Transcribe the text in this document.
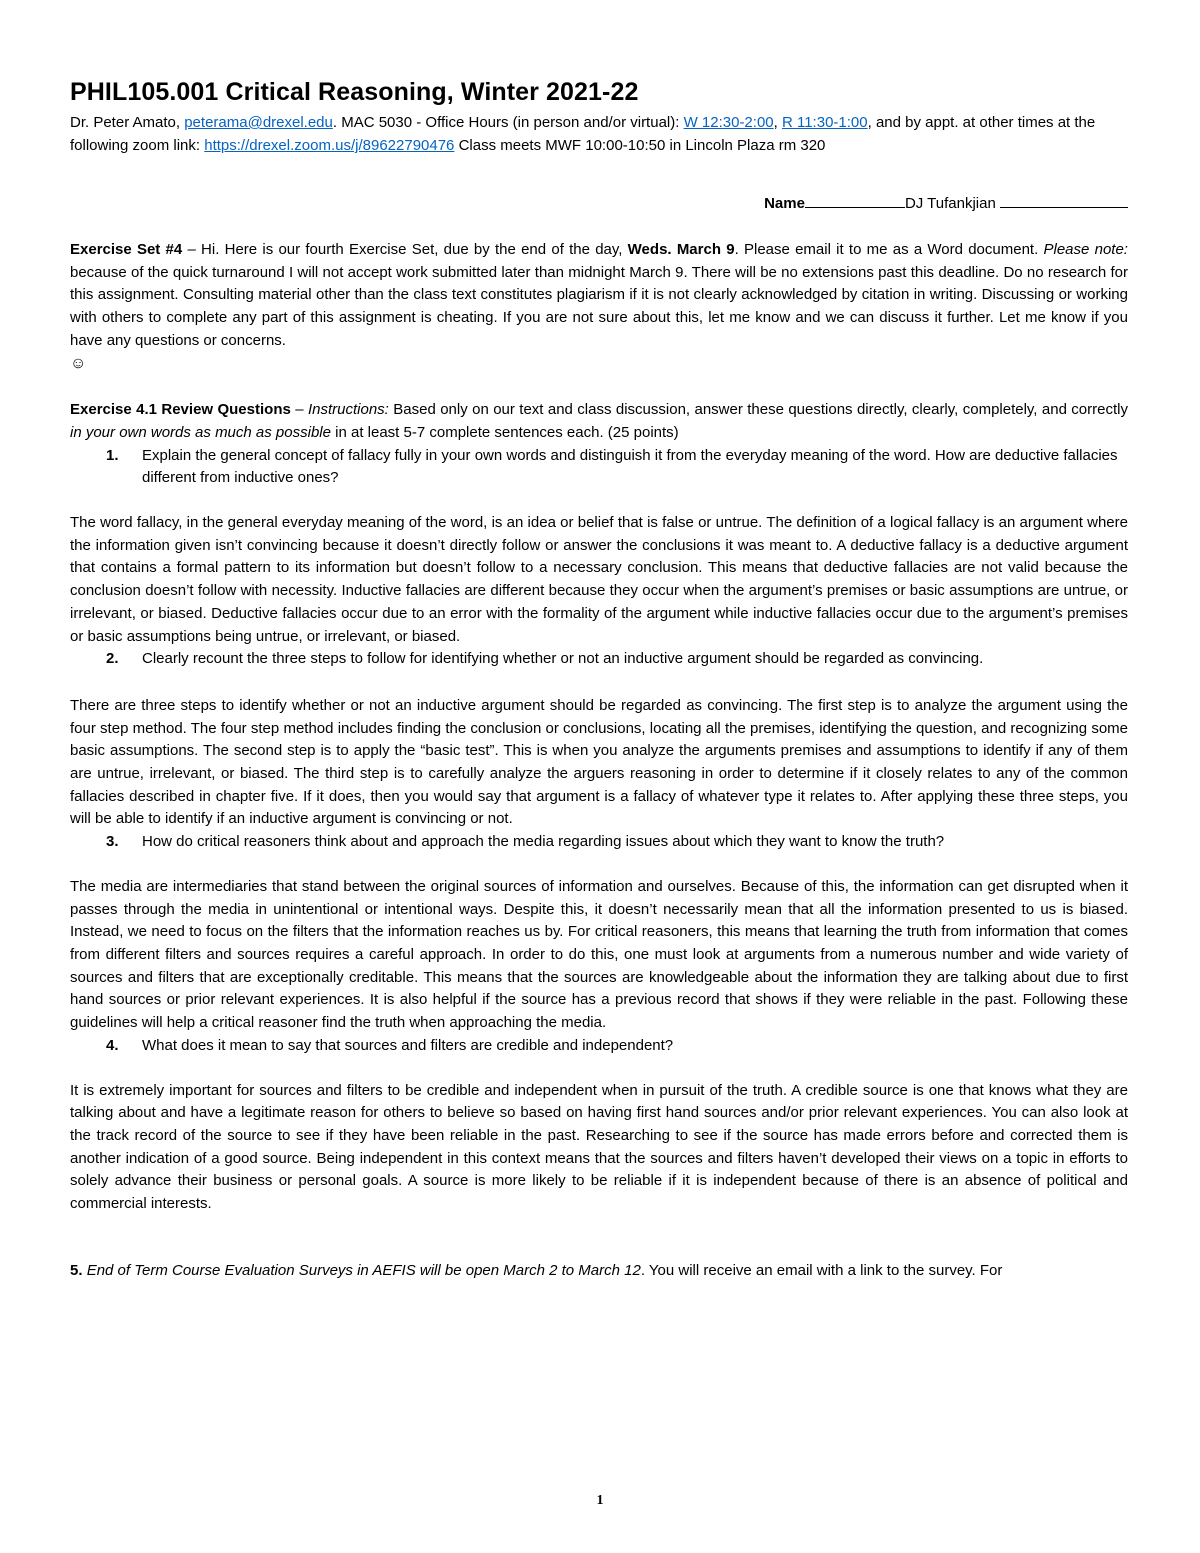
PHIL105.001 Critical Reasoning, Winter 2021-22

Dr. Peter Amato, peterama@drexel.edu. MAC 5030 - Office Hours (in person and/or virtual): W 12:30-2:00, R 11:30-1:00, and by appt. at other times at the following zoom link: https://drexel.zoom.us/j/89622790476 Class meets MWF 10:00-10:50 in Lincoln Plaza rm 320

Name	DJ Tufankjian

Exercise Set #4 – Hi. Here is our fourth Exercise Set, due by the end of the day, Weds. March 9. Please email it to me as a Word document. Please note: because of the quick turnaround I will not accept work submitted later than midnight March 9. There will be no extensions past this deadline. Do no research for this assignment. Consulting material other than the class text constitutes plagiarism if it is not clearly acknowledged by citation in writing. Discussing or working with others to complete any part of this assignment is cheating. If you are not sure about this, let me know and we can discuss it further. Let me know if you have any questions or concerns.
☺

Exercise 4.1 Review Questions – Instructions: Based only on our text and class discussion, answer these questions directly, clearly, completely, and correctly in your own words as much as possible in at least 5-7 complete sentences each. (25 points)

1.	Explain the general concept of fallacy fully in your own words and distinguish it from the everyday meaning of the word. How are deductive fallacies different from inductive ones?

The word fallacy, in the general everyday meaning of the word, is an idea or belief that is false or untrue. The definition of a logical fallacy is an argument where the information given isn’t convincing because it doesn’t directly follow or answer the conclusions it was meant to. A deductive fallacy is a deductive argument that contains a formal pattern to its information but doesn’t follow to a necessary conclusion. This means that deductive fallacies are not valid because the conclusion doesn’t follow with necessity. Inductive fallacies are different because they occur when the argument’s premises or basic assumptions are untrue, or irrelevant, or biased. Deductive fallacies occur due to an error with the formality of the argument while inductive fallacies occur due to the argument’s premises or basic assumptions being untrue, or irrelevant, or biased.

2.	Clearly recount the three steps to follow for identifying whether or not an inductive argument should be regarded as convincing.

There are three steps to identify whether or not an inductive argument should be regarded as convincing. The first step is to analyze the argument using the four step method. The four step method includes finding the conclusion or conclusions, locating all the premises, identifying the question, and recognizing some basic assumptions. The second step is to apply the “basic test”. This is when you analyze the arguments premises and assumptions to identify if any of them are untrue, irrelevant, or biased. The third step is to carefully analyze the arguers reasoning in order to determine if it closely relates to any of the common fallacies described in chapter five. If it does, then you would say that argument is a fallacy of whatever type it relates to. After applying these three steps, you will be able to identify if an inductive argument is convincing or not.

3.	How do critical reasoners think about and approach the media regarding issues about which they want to know the truth?

The media are intermediaries that stand between the original sources of information and ourselves. Because of this, the information can get disrupted when it passes through the media in unintentional or intentional ways. Despite this, it doesn’t necessarily mean that all the information presented to us is biased. Instead, we need to focus on the filters that the information reaches us by. For critical reasoners, this means that learning the truth from information that comes from different filters and sources requires a careful approach. In order to do this, one must look at arguments from a numerous number and wide variety of sources and filters that are exceptionally creditable. This means that the sources are knowledgeable about the information they are talking about due to first hand sources or prior relevant experiences. It is also helpful if the source has a previous record that shows if they were reliable in the past. Following these guidelines will help a critical reasoner find the truth when approaching the media.

4.	What does it mean to say that sources and filters are credible and independent?

It is extremely important for sources and filters to be credible and independent when in pursuit of the truth. A credible source is one that knows what they are talking about and have a legitimate reason for others to believe so based on having first hand sources and/or prior relevant experiences. You can also look at the track record of the source to see if they have been reliable in the past. Researching to see if the source has made errors before and corrected them is another indication of a good source. Being independent in this context means that the sources and filters haven’t developed their views on a topic in efforts to solely advance their business or personal goals. A source is more likely to be reliable if it is independent because of there is an absence of political and commercial interests.

5. End of Term Course Evaluation Surveys in AEFIS will be open March 2 to March 12. You will receive an email with a link to the survey. For

1
